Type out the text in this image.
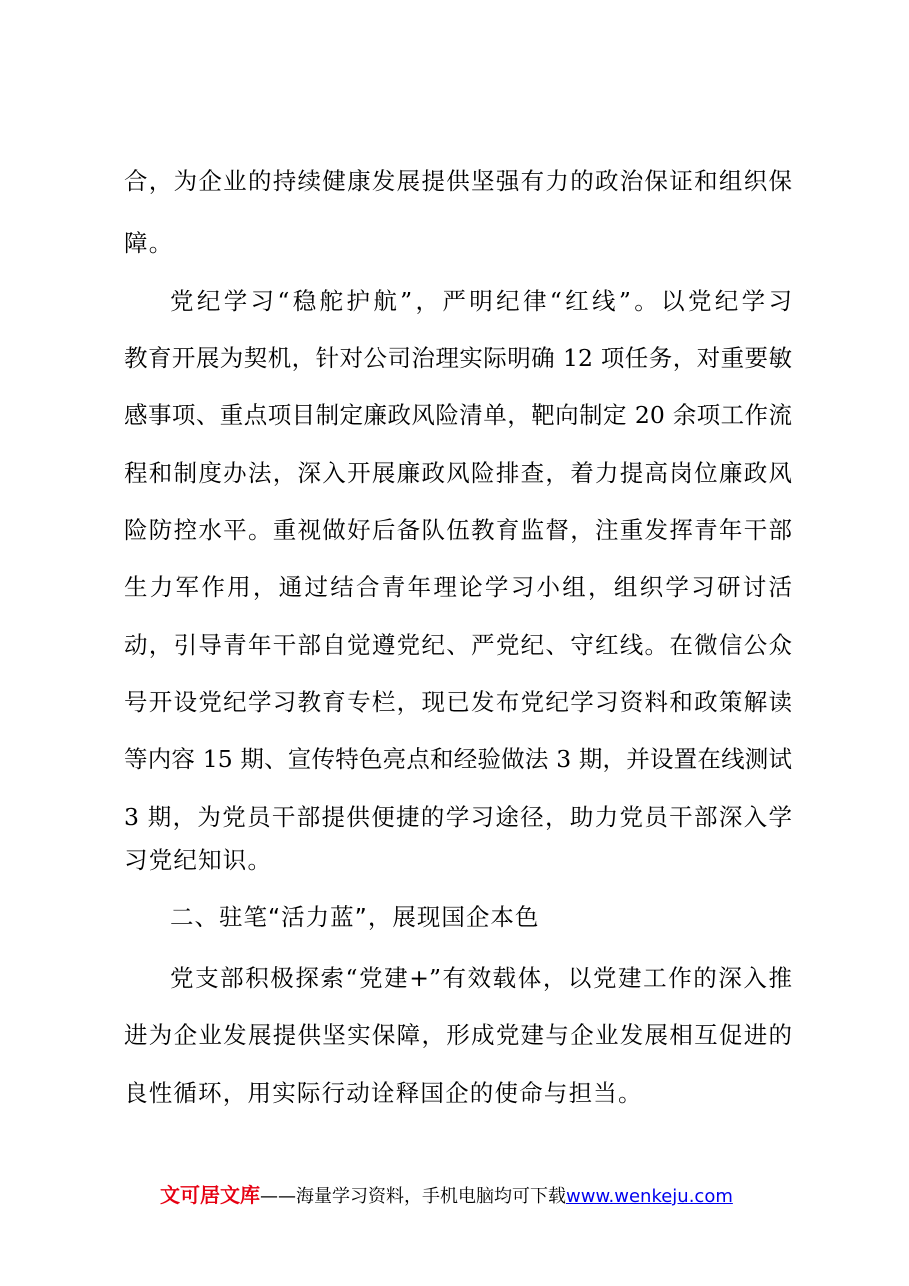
合，为企业的持续健康发展提供坚强有力的政治保证和组织保
障。
党纪学习“稳舵护航”，严明纪律“红线”。以党纪学习
教育开展为契机，针对公司治理实际明确 12 项任务，对重要敏
感事项、重点项目制定廉政风险清单，靶向制定 20 余项工作流
程和制度办法，深入开展廉政风险排查，着力提高岗位廉政风
险防控水平。重视做好后备队伍教育监督，注重发挥青年干部
生力军作用，通过结合青年理论学习小组，组织学习研讨活
动，引导青年干部自觉遵党纪、严党纪、守红线。在微信公众
号开设党纪学习教育专栏，现已发布党纪学习资料和政策解读
等内容 15 期、宣传特色亮点和经验做法 3 期，并设置在线测试
3 期，为党员干部提供便捷的学习途径，助力党员干部深入学
习党纪知识。
二、驻笔“活力蓝”，展现国企本色
党支部积极探索“党建+”有效载体，以党建工作的深入推
进为企业发展提供坚实保障，形成党建与企业发展相互促进的
良性循环，用实际行动诠释国企的使命与担当。
文可居文库——海量学习资料，手机电脑均可下载www.wenkeju.com
